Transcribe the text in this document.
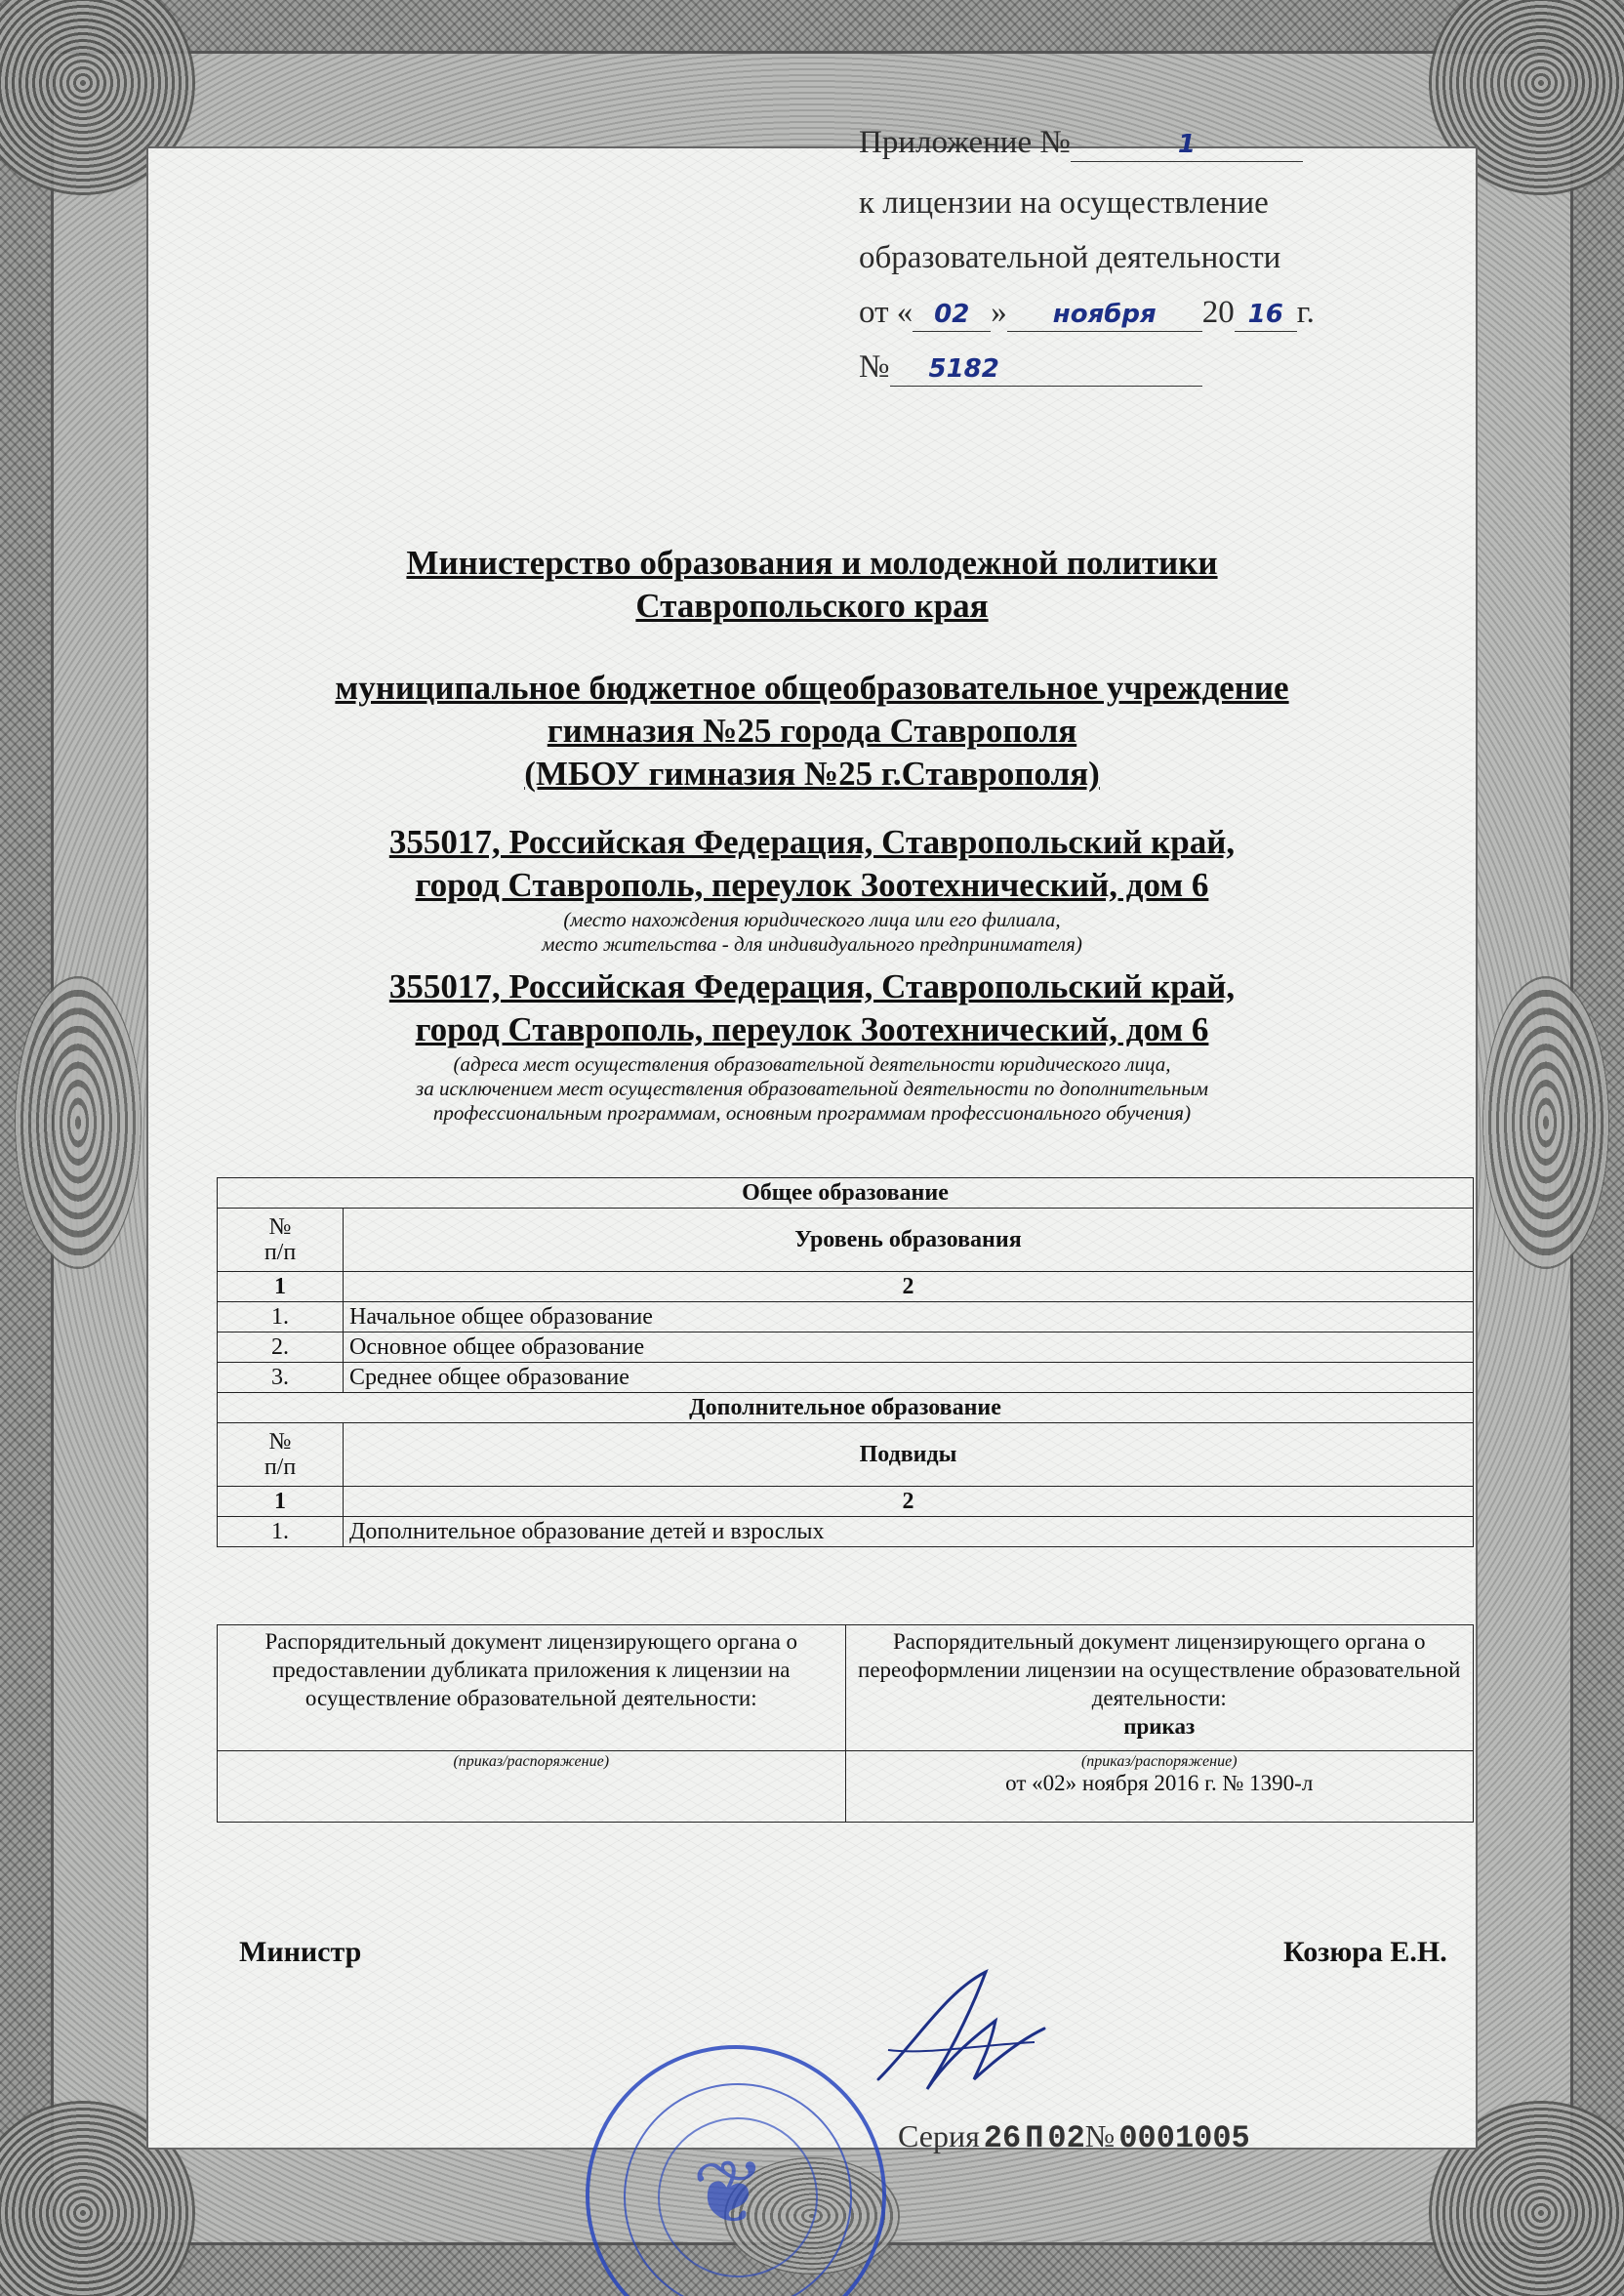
Приложение №	1
к лицензии на осуществление
образовательной деятельности
от « 02 » ноября 20 16 г.
№ 5182
Министерство образования и молодежной политики
Ставропольского края
муниципальное бюджетное общеобразовательное учреждение
гимназия №25 города Ставрополя
(МБОУ гимназия №25 г.Ставрополя)
355017, Российская Федерация, Ставропольский край,
город Ставрополь, переулок Зоотехнический, дом 6
(место нахождения юридического лица или его филиала,
место жительства - для индивидуального предпринимателя)
355017, Российская Федерация, Ставропольский край,
город Ставрополь, переулок Зоотехнический, дом 6
(адреса мест осуществления образовательной деятельности юридического лица,
за исключением мест осуществления образовательной деятельности по дополнительным
профессиональным программам, основным программам профессионального обучения)
Общее образование	
№
п/п	Уровень образования
1	2
1.	Начальное общее образование
2.	Основное общее образование
3.	Среднее общее образование
Дополнительное образование	
№
п/п	Подвиды
1	2
1.	Дополнительное образование детей и взрослых
Распорядительный документ лицензирующего органа о предоставлении дубликата приложения к лицензии на осуществление образовательной деятельности:	Распорядительный документ лицензирующего органа о переоформлении лицензии на осуществление образовательной деятельности:
приказ

(приказ/распоряжение)	(приказ/распоряжение)
от «02» ноября 2016 г. № 1390-л
❦
Министр	Козюра Е.Н.
Серия 26 П 02№ 0001005
